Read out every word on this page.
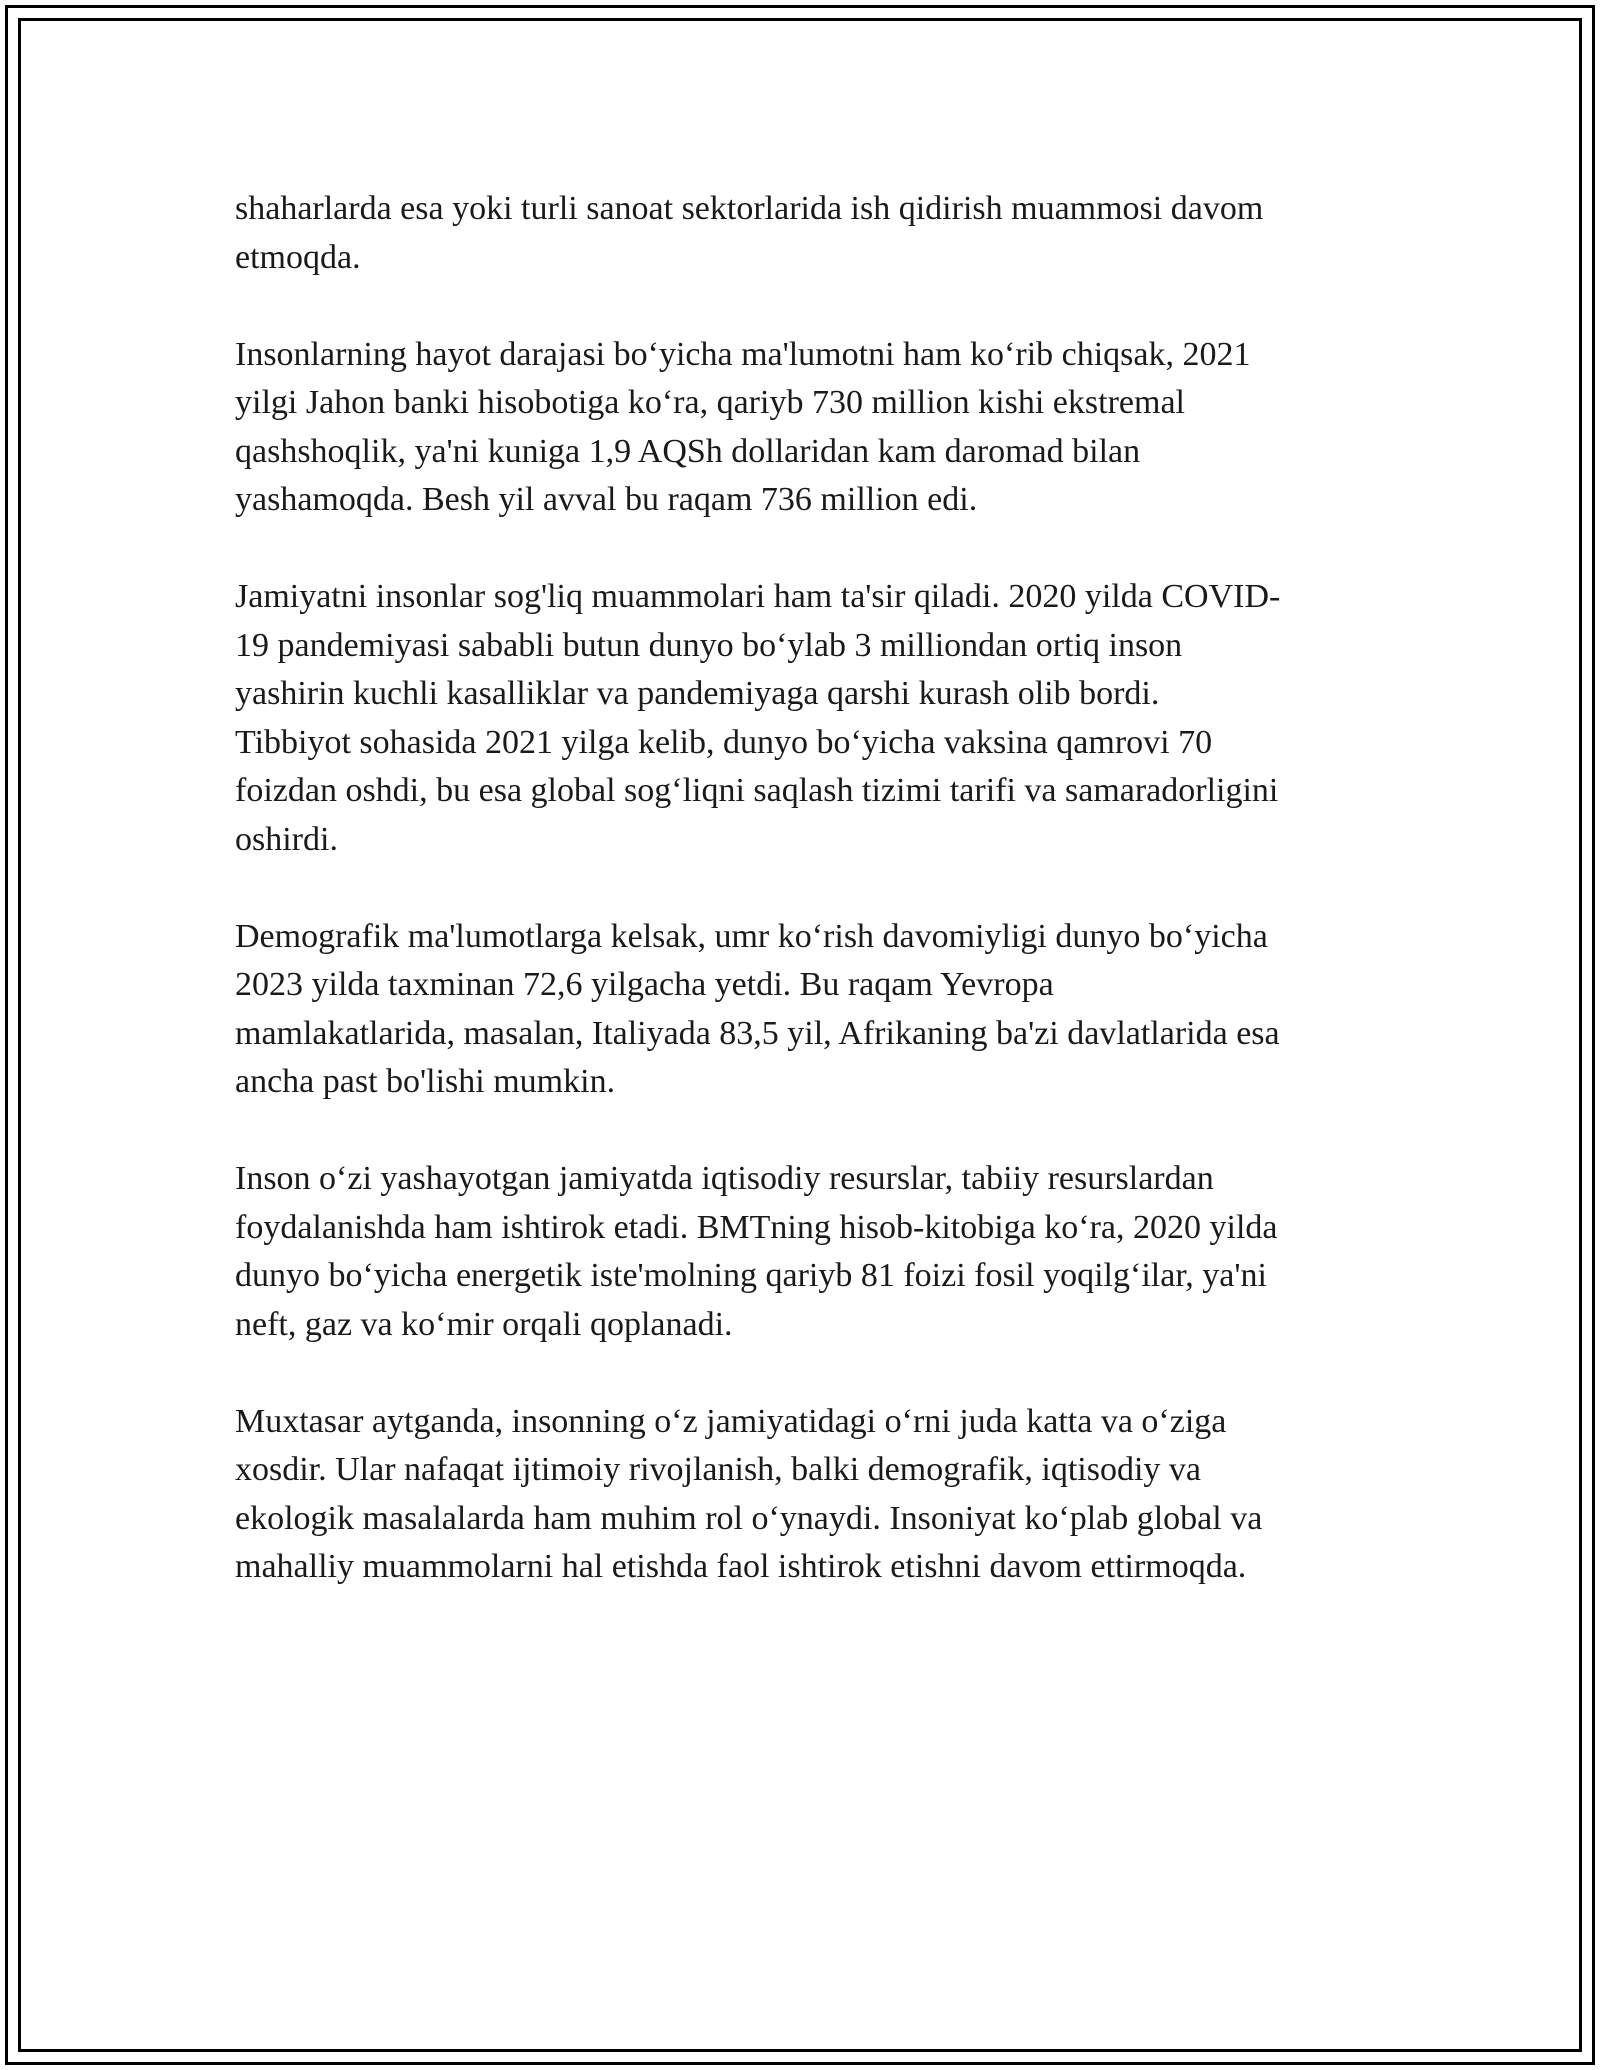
shaharlarda esa yoki turli sanoat sektorlarida ish qidirish muammosi davom
etmoqda.

Insonlarning hayot darajasi bo‘yicha ma'lumotni ham ko‘rib chiqsak, 2021
yilgi Jahon banki hisobotiga ko‘ra, qariyb 730 million kishi ekstremal
qashshoqlik, ya'ni kuniga 1,9 AQSh dollaridan kam daromad bilan
yashamoqda. Besh yil avval bu raqam 736 million edi.

Jamiyatni insonlar sog'liq muammolari ham ta'sir qiladi. 2020 yilda COVID-
19 pandemiyasi sababli butun dunyo bo‘ylab 3 milliondan ortiq inson
yashirin kuchli kasalliklar va pandemiyaga qarshi kurash olib bordi.
Tibbiyot sohasida 2021 yilga kelib, dunyo bo‘yicha vaksina qamrovi 70
foizdan oshdi, bu esa global sog‘liqni saqlash tizimi tarifi va samaradorligini
oshirdi.

Demografik ma'lumotlarga kelsak, umr ko‘rish davomiyligi dunyo bo‘yicha
2023 yilda taxminan 72,6 yilgacha yetdi. Bu raqam Yevropa
mamlakatlarida, masalan, Italiyada 83,5 yil, Afrikaning ba'zi davlatlarida esa
ancha past bo'lishi mumkin.

Inson o‘zi yashayotgan jamiyatda iqtisodiy resurslar, tabiiy resurslardan
foydalanishda ham ishtirok etadi. BMTning hisob-kitobiga ko‘ra, 2020 yilda
dunyo bo‘yicha energetik iste'molning qariyb 81 foizi fosil yoqilg‘ilar, ya'ni
neft, gaz va ko‘mir orqali qoplanadi.

Muxtasar aytganda, insonning o‘z jamiyatidagi o‘rni juda katta va o‘ziga
xosdir. Ular nafaqat ijtimoiy rivojlanish, balki demografik, iqtisodiy va
ekologik masalalarda ham muhim rol o‘ynaydi. Insoniyat ko‘plab global va
mahalliy muammolarni hal etishda faol ishtirok etishni davom ettirmoqda.
